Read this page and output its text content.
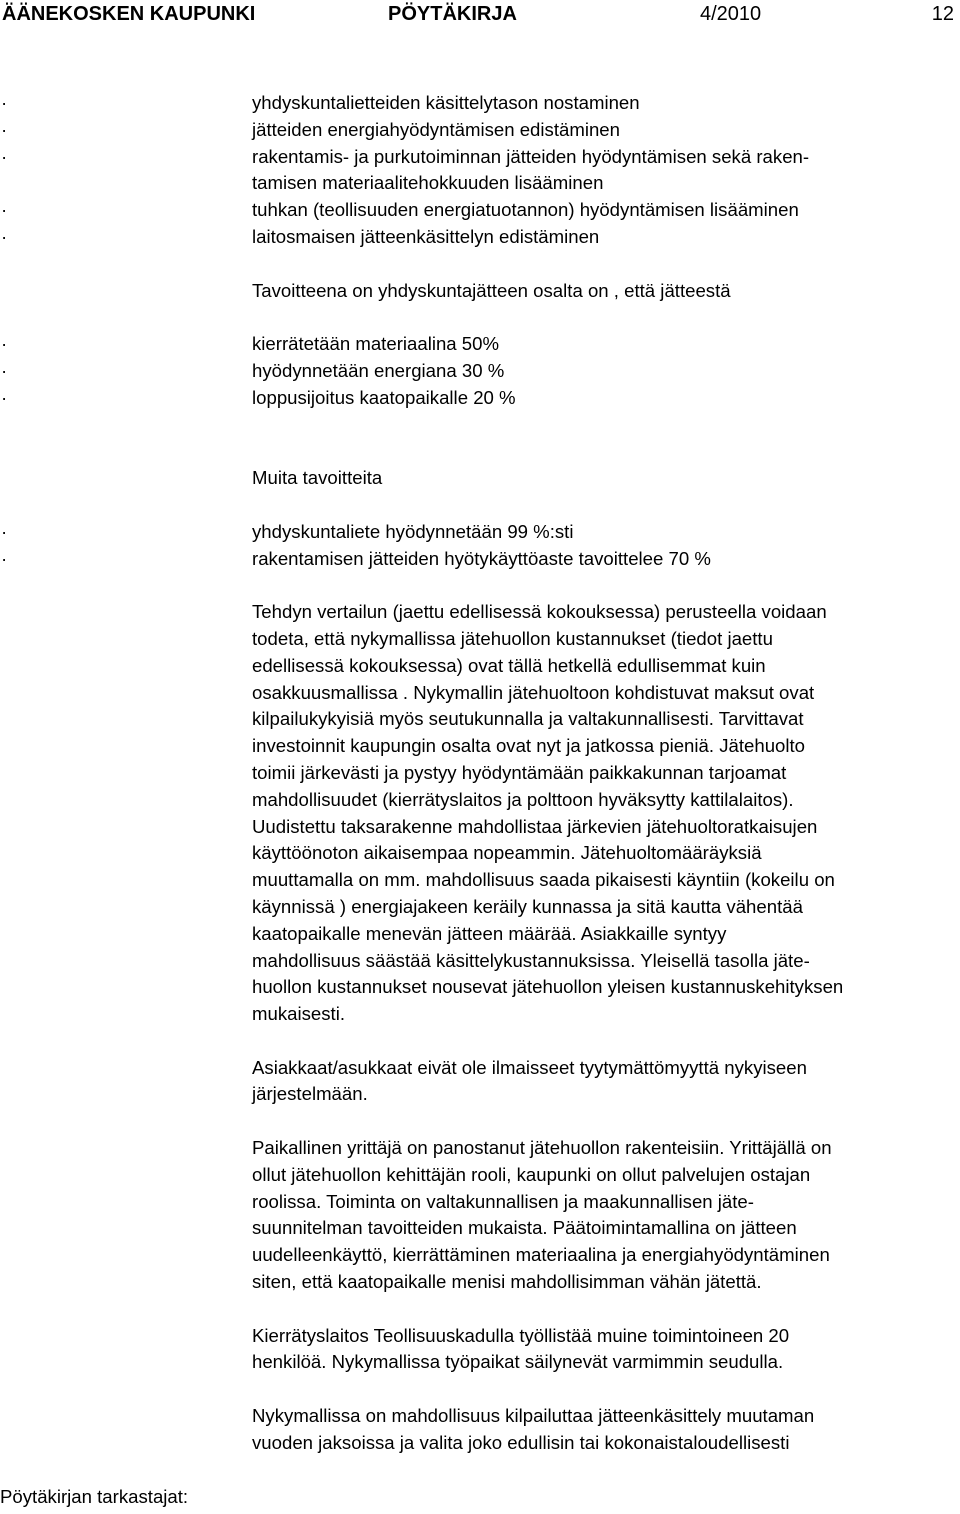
ÄÄNEKOSKEN KAUPUNKI	PÖYTÄKIRJA	4/2010	12
·	yhdyskuntalietteiden käsittelytason nostaminen
·	jätteiden energiahyödyntämisen edistäminen
·	rakentamis- ja purkutoiminnan jätteiden hyödyntämisen sekä raken-
tamisen materiaalitehokkuuden lisääminen
·	tuhkan (teollisuuden energiatuotannon) hyödyntämisen lisääminen
·	laitosmaisen jätteenkäsittelyn edistäminen
Tavoitteena on yhdyskuntajätteen osalta on , että jätteestä
·	kierrätetään materiaalina 50%
·	hyödynnetään energiana 30 %
·	loppusijoitus kaatopaikalle 20 %
Muita tavoitteita
·	yhdyskuntaliete hyödynnetään 99 %:sti
·	rakentamisen jätteiden hyötykäyttöaste tavoittelee 70 %
Tehdyn vertailun (jaettu edellisessä kokouksessa) perusteella voidaan
todeta, että nykymallissa jätehuollon kustannukset (tiedot jaettu
edellisessä kokouksessa) ovat tällä hetkellä edullisemmat kuin
osakkuusmallissa . Nykymallin jätehuoltoon kohdistuvat maksut ovat
kilpailukykyisiä myös seutukunnalla ja valtakunnallisesti. Tarvittavat
investoinnit kaupungin osalta ovat nyt ja jatkossa pieniä. Jätehuolto
toimii järkevästi ja pystyy hyödyntämään paikkakunnan tarjoamat
mahdollisuudet (kierrätyslaitos ja polttoon hyväksytty kattilalaitos).
Uudistettu taksarakenne mahdollistaa järkevien jätehuoltoratkaisujen
käyttöönoton aikaisempaa nopeammin. Jätehuoltomääräyksiä
muuttamalla on mm. mahdollisuus saada pikaisesti käyntiin (kokeilu on
käynnissä ) energiajakeen keräily kunnassa ja sitä kautta vähentää
kaatopaikalle menevän jätteen määrää. Asiakkaille syntyy
mahdollisuus säästää käsittelykustannuksissa. Yleisellä tasolla jäte-
huollon kustannukset nousevat jätehuollon yleisen kustannuskehityksen
mukaisesti.
Asiakkaat/asukkaat eivät ole ilmaisseet tyytymättömyyttä nykyiseen
järjestelmään.
Paikallinen yrittäjä on panostanut jätehuollon rakenteisiin. Yrittäjällä on
ollut jätehuollon kehittäjän rooli, kaupunki on ollut palvelujen ostajan
roolissa. Toiminta on valtakunnallisen ja maakunnallisen jäte-
suunnitelman tavoitteiden mukaista. Päätoimintamallina on jätteen
uudelleenkäyttö, kierrättäminen materiaalina ja energiahyödyntäminen
siten, että kaatopaikalle menisi mahdollisimman vähän jätettä.
Kierrätyslaitos Teollisuuskadulla työllistää muine toimintoineen 20
henkilöä. Nykymallissa työpaikat säilynevät varmimmin seudulla.
Nykymallissa on mahdollisuus kilpailuttaa jätteenkäsittely muutaman
vuoden jaksoissa ja valita joko edullisin tai kokonaistaloudellisesti
Pöytäkirjan tarkastajat:
